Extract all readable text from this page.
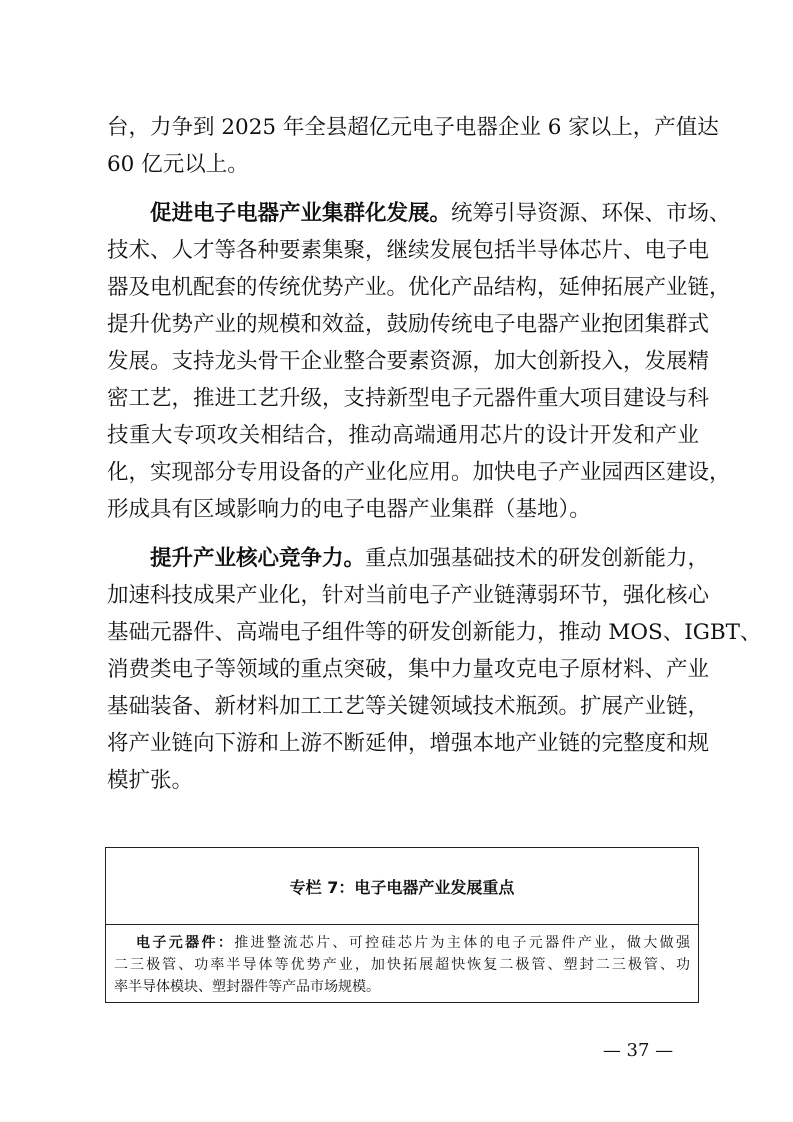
台，力争到 2025 年全县超亿元电子电器企业 6 家以上，产值达
60 亿元以上。
促进电子电器产业集群化发展。统筹引导资源、环保、市场、
技术、人才等各种要素集聚，继续发展包括半导体芯片、电子电
器及电机配套的传统优势产业。优化产品结构，延伸拓展产业链，
提升优势产业的规模和效益，鼓励传统电子电器产业抱团集群式
发展。支持龙头骨干企业整合要素资源，加大创新投入，发展精
密工艺，推进工艺升级，支持新型电子元器件重大项目建设与科
技重大专项攻关相结合，推动高端通用芯片的设计开发和产业
化，实现部分专用设备的产业化应用。加快电子产业园西区建设，
形成具有区域影响力的电子电器产业集群（基地）。
提升产业核心竞争力。重点加强基础技术的研发创新能力，
加速科技成果产业化，针对当前电子产业链薄弱环节，强化核心
基础元器件、高端电子组件等的研发创新能力，推动 MOS、IGBT、
消费类电子等领域的重点突破，集中力量攻克电子原材料、产业
基础装备、新材料加工工艺等关键领域技术瓶颈。扩展产业链，
将产业链向下游和上游不断延伸，增强本地产业链的完整度和规
模扩张。
专栏 7：电子电器产业发展重点
电子元器件：推进整流芯片、可控硅芯片为主体的电子元器件产业，做大做强
二三极管、功率半导体等优势产业，加快拓展超快恢复二极管、塑封二三极管、功
率半导体模块、塑封器件等产品市场规模。
— 37 —
